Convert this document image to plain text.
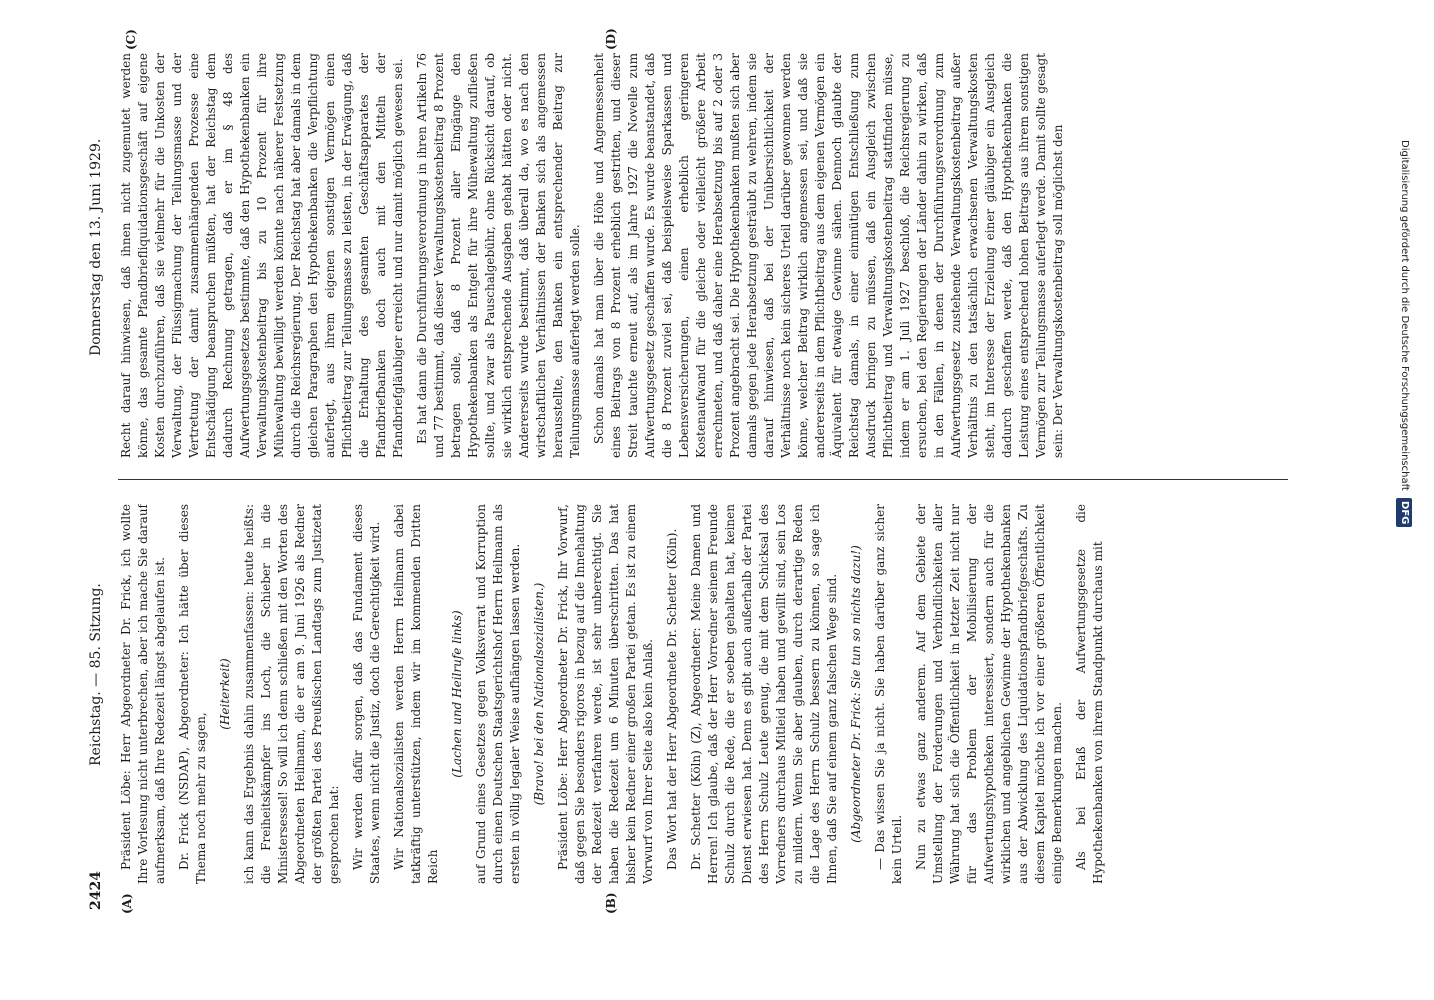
2424
Reichstag. — 85. Sitzung.
Donnerstag den 13. Juni 1929.
(A)	(B)
(C)	(D)

Präsident Löbe: Herr Abgeordneter Dr. Frick, ich wollte Ihre Vorlesung nicht unterbrechen, aber ich mache Sie darauf aufmerksam, daß Ihre Redezeit längst abgelaufen ist. Dr. Frick (NSDAP), Abgeordneter: Ich hätte über dieses Thema noch mehr zu sagen,

(Heiterkeit) ich kann das Ergebnis dahin zusammenfassen: heute heißts: die Freiheitskämpfer ins Loch, die Schieber in die Ministersessel! So will ich denn schließen mit den Worten des Abgeordneten Heilmann, die er am 9. Juni 1926 als Redner der größten Partei des Preußischen Landtags zum Justizetat gesprochen hat: Wir werden dafür sorgen, daß das Fundament dieses Staates, wenn nicht die Justiz, doch die Gerechtigkeit wird. Wir Nationalsozialisten werden Herrn Heilmann dabei tatkräftig unterstützen, indem wir im kommenden Dritten Reich

(Lachen und Heilrufe links) auf Grund eines Gesetzes gegen Volksverrat und Korruption durch einen Deutschen Staatsgerichtshof Herrn Heilmann als ersten in völlig legaler Weise aufhängen lassen werden. (Bravo! bei den Nationalsozialisten.) Präsident Löbe: Herr Abgeordneter Dr. Frick, Ihr Vorwurf, daß gegen Sie besonders rigoros in bezug auf die Innehaltung der Redezeit verfahren werde, ist sehr unberechtigt. Sie haben die Redezeit um 6 Minuten überschritten. Das hat bisher kein Redner einer großen Partei getan. Es ist zu einem Vorwurf von Ihrer Seite also kein Anlaß. Das Wort hat der Herr Abgeordnete Dr. Schetter (Köln). Dr. Schetter (Köln) (Z), Abgeordneter: Meine Damen und Herren! Ich glaube, daß der Herr Vorredner seinem Freunde Schulz durch die Rede, die er soeben gehalten hat, keinen Dienst erwiesen hat. Denn es gibt auch außerhalb der Partei des Herrn Schulz Leute genug, die mit dem Schicksal des Vorredners durchaus Mitleid haben und gewillt sind, sein Los zu mildern. Wenn Sie aber glauben, durch derartige Reden die Lage des Herrn Schulz bessern zu können, so sage ich Ihnen, daß Sie auf einem ganz falschen Wege sind. (Abgeordneter Dr. Frick: Sie tun so nichts dazu!) — Das wissen Sie ja nicht. Sie haben darüber ganz sicher kein Urteil. Nun zu etwas ganz anderem. Auf dem Gebiete der Umstellung der Forderungen und Verbindlichkeiten aller Währung hat sich die Öffentlichkeit in letzter Zeit nicht nur für das Problem der Mobilisierung der Aufwertungshypotheken interessiert, sondern auch für die wirklichen und angeblichen Gewinne der Hypothekenbanken aus der Abwicklung des Liquidationspfandbriefgeschäfts. Zu diesem Kapitel möchte ich vor einer größeren Öffentlichkeit einige Bemerkungen machen. Als bei Erlaß der Aufwertungsgesetze die Hypothekenbanken von ihrem Standpunkt durchaus mit

Recht darauf hinwiesen, daß ihnen nicht zugemutet werden könne, das gesamte Pfandbriefliquidationsgeschäft auf eigene Kosten durchzuführen, daß sie vielmehr für die Unkosten der Verwaltung, der Flüssigmachung der Teilungsmasse und der Vertretung der damit zusammenhängenden Prozesse eine Entschädigung beanspruchen müßten, hat der Reichstag dem dadurch Rechnung getragen, daß er im § 48 des Aufwertungsgesetzes bestimmte, daß den Hypothekenbanken ein Verwaltungskostenbeitrag bis zu 10 Prozent für ihre Mühewaltung bewilligt werden könnte nach näherer Festsetzung durch die Reichsregierung. Der Reichstag hat aber damals in dem gleichen Paragraphen den Hypothekenbanken die Verpflichtung auferlegt, aus ihrem eigenen sonstigen Vermögen einen Pflichtbeitrag zur Teilungsmasse zu leisten, in der Erwägung, daß die Erhaltung des gesamten Geschäftsapparates der Pfandbriefbanken doch auch mit den Mitteln der Pfandbriefgläubiger erreicht und nur damit möglich gewesen sei. Es hat dann die Durchführungsverordnung in ihren Artikeln 76 und 77 bestimmt, daß dieser Verwaltungskostenbeitrag 8 Prozent betragen solle, daß 8 Prozent aller Eingänge den Hypothekenbanken als Entgelt für ihre Mühewaltung zufließen sollte, und zwar als Pauschalgebühr, ohne Rücksicht darauf, ob sie wirklich entsprechende Ausgaben gehabt hätten oder nicht. Andererseits wurde bestimmt, daß überall da, wo es nach den wirtschaftlichen Verhältnissen der Banken sich als angemessen herausstellte, den Banken ein entsprechender Beitrag zur Teilungsmasse auferlegt werden solle. Schon damals hat man über die Höhe und Angemessenheit eines Beitrags von 8 Prozent erheblich gestritten, und dieser Streit tauchte erneut auf, als im Jahre 1927 die Novelle zum Aufwertungsgesetz geschaffen wurde. Es wurde beanstandet, daß die 8 Prozent zuviel sei, daß beispielsweise Sparkassen und Lebensversicherungen, einen erheblich geringeren Kostenaufwand für die gleiche oder vielleicht größere Arbeit errechneten, und daß daher eine Herabsetzung bis auf 2 oder 3 Prozent angebracht sei. Die Hypothekenbanken mußten sich aber damals gegen jede Herabsetzung gesträubt zu wehren, indem sie darauf hinwiesen, daß bei der Unübersichtlichkeit der Verhältnisse noch kein sicheres Urteil darüber gewonnen werden könne, welcher Beitrag wirklich angemessen sei, und daß sie andererseits in dem Pflichtbeitrag aus dem eigenen Vermögen ein Äquivalent für etwaige Gewinne sähen. Dennoch glaubte der Reichstag damals, in einer einmütigen Entschließung zum Ausdruck bringen zu müssen, daß ein Ausgleich zwischen Pflichtbeitrag und Verwaltungskostenbeitrag stattfinden müsse, indem er am 1. Juli 1927 beschloß, die Reichsregierung zu ersuchen, bei den Regierungen der Länder dahin zu wirken, daß in den Fällen, in denen der Durchführungsverordnung zum Aufwertungsgesetz zustehende Verwaltungskostenbeitrag außer Verhältnis zu den tatsächlich erwachsenen Verwaltungskosten steht, im Interesse der Erzielung einer gläubiger ein Ausgleich dadurch geschaffen werde, daß den Hypothekenbanken die Leistung eines entsprechend hohen Beitrags aus ihrem sonstigen Vermögen zur Teilungsmasse auferlegt werde. Damit sollte gesagt sein: Der Verwaltungskostenbeitrag soll möglichst den	Digitalisierung gefördert durch die Deutsche Forschungsgemeinschaft DFG
